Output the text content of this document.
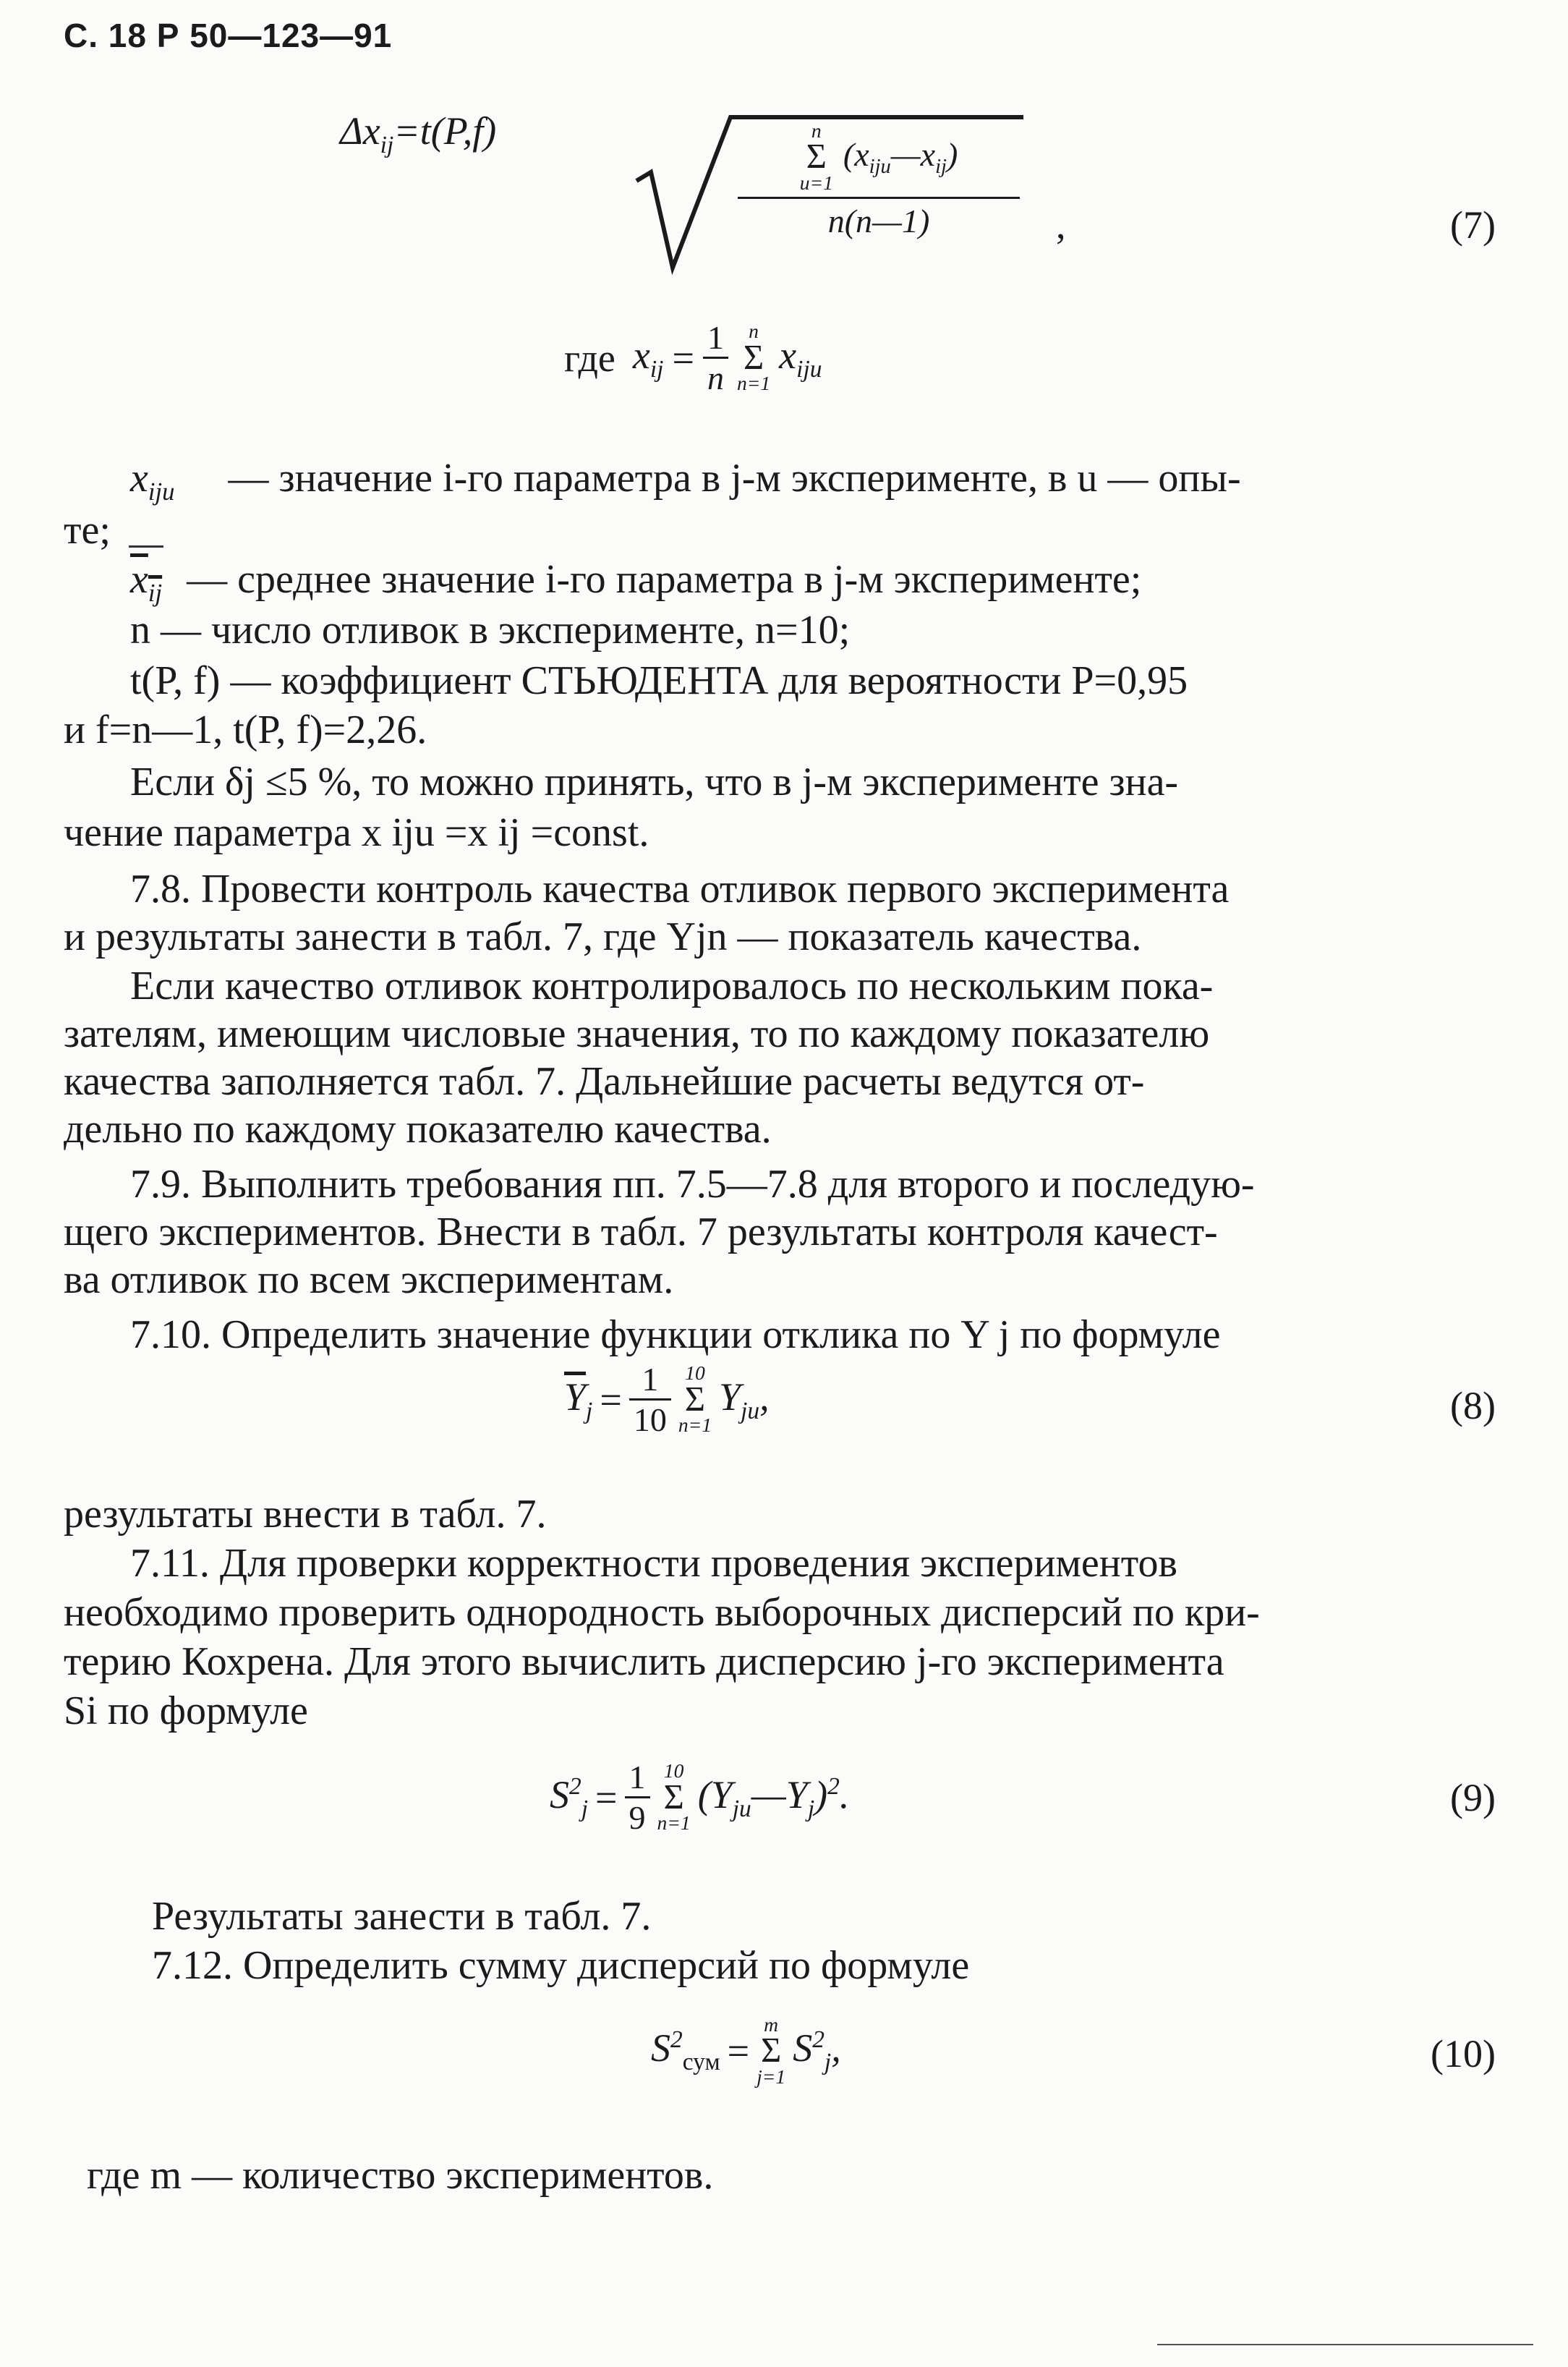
С. 18 Р 50—123—91
$\Delta x_{ij}=t(P,f)$	n
Σ
u=1
$(x_{iju}—x_{ij})$
n(n—1)	,	(7)
где $x_{ij} = \frac{1}{n}$	n
Σ
n=1
$x_{iju}$
$x_{iju}$ — значение i-го параметра в j-м эксперименте, в u — опы-
те;
$x_{ij}$ — среднее значение i-го параметра в j-м эксперименте;
n — число отливок в эксперименте, n=10;
t(P, f) — коэффициент СТЬЮДЕНТА для вероятности P=0,95
и f=n—1, t(P, f)=2,26.
Если δj ≤5 %, то можно принять, что в j-м эксперименте зна-
чение параметра x iju =x ij =const.
7.8. Провести контроль качества отливок первого эксперимента
и результаты занести в табл. 7, где Yjn — показатель качества.
Если качество отливок контролировалось по нескольким пока-
зателям, имеющим числовые значения, то по каждому показателю
качества заполняется табл. 7. Дальнейшие расчеты ведутся от-
дельно по каждому показателю качества.
7.9. Выполнить требования пп. 7.5—7.8 для второго и последую-
щего экспериментов. Внести в табл. 7 результаты контроля качест-
ва отливок по всем экспериментам.
7.10. Определить значение функции отклика по Y j по формуле
$\overline{Y}_j = \frac{1}{10} 10$
Σ
n=1
$Y_{ju}$,	(8)
результаты внести в табл. 7.
7.11. Для проверки корректности проведения экспериментов
необходимо проверить однородность выборочных дисперсий по кри-
терию Кохрена. Для этого вычислить дисперсию j-го эксперимента
Si по формуле
$S^2_j = \frac{1}{9} 10$
Σ
n=1
$(Y_{ju}—Y_j)^2$.	(9)
Результаты занести в табл. 7.
7.12. Определить сумму дисперсий по формуле
$S^2_{сум}$ =
m
Σ
j=1
$S^2_j$,	(10)
где m — количество экспериментов.
